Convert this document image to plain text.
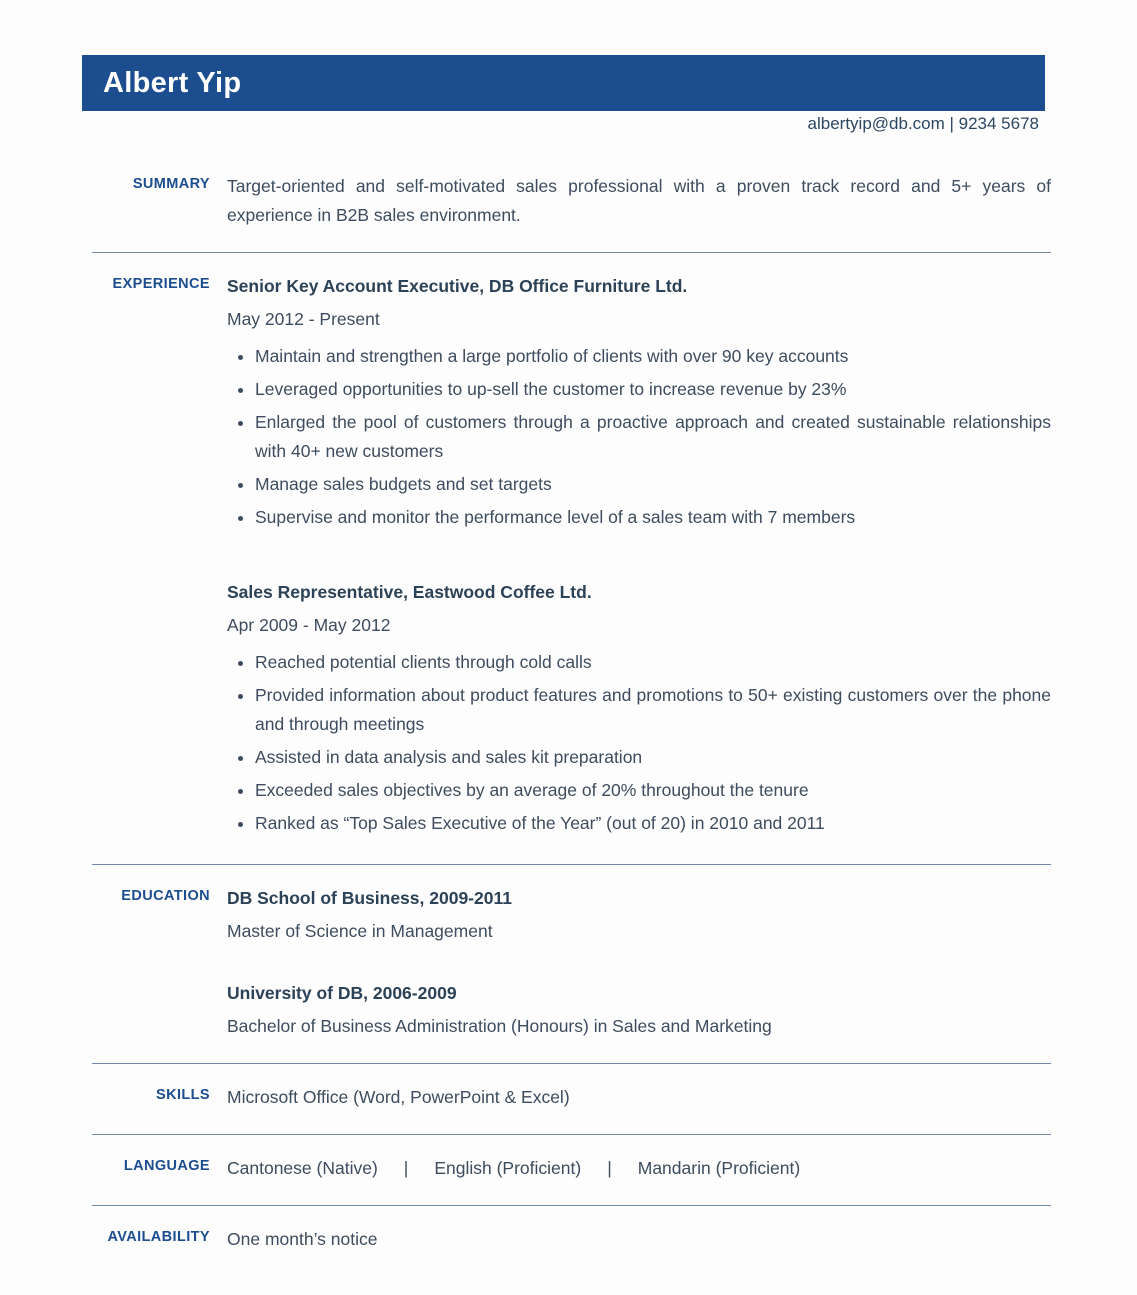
Albert Yip
albertyip@db.com | 9234 5678
SUMMARY Target-oriented and self-motivated sales professional with a proven track record and 5+ years of experience in B2B sales environment.
EXPERIENCE Senior Key Account Executive, DB Office Furniture Ltd.
May 2012 - Present
• Maintain and strengthen a large portfolio of clients with over 90 key accounts
• Leveraged opportunities to up-sell the customer to increase revenue by 23%
• Enlarged the pool of customers through a proactive approach and created sustainable relationships with 40+ new customers
• Manage sales budgets and set targets
• Supervise and monitor the performance level of a sales team with 7 members
Sales Representative, Eastwood Coffee Ltd.
Apr 2009 - May 2012
• Reached potential clients through cold calls
• Provided information about product features and promotions to 50+ existing customers over the phone and through meetings
• Assisted in data analysis and sales kit preparation
• Exceeded sales objectives by an average of 20% throughout the tenure
• Ranked as “Top Sales Executive of the Year” (out of 20) in 2010 and 2011
EDUCATION DB School of Business, 2009-2011
Master of Science in Management
University of DB, 2006-2009
Bachelor of Business Administration (Honours) in Sales and Marketing
SKILLS Microsoft Office (Word, PowerPoint & Excel)
LANGUAGE Cantonese (Native) | English (Proficient) | Mandarin (Proficient)
AVAILABILITY One month’s notice
